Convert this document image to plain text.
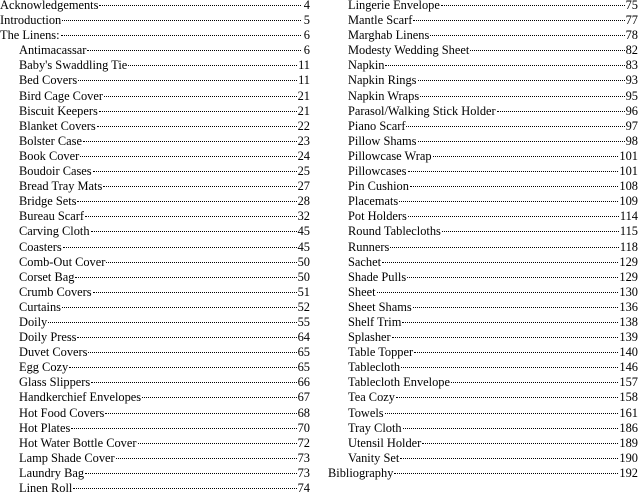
Acknowledgements	4
Introduction	5
The Linens:	6
Antimacassar	6
Baby's Swaddling Tie	11
Bed Covers	11
Bird Cage Cover	21
Biscuit Keepers	21
Blanket Covers	22
Bolster Case	23
Book Cover	24
Boudoir Cases	25
Bread Tray Mats	27
Bridge Sets	28
Bureau Scarf	32
Carving Cloth	45
Coasters	45
Comb-Out Cover	50
Corset Bag	50
Crumb Covers	51
Curtains	52
Doily	55
Doily Press	64
Duvet Covers	65
Egg Cozy	65
Glass Slippers	66
Handkerchief Envelopes	67
Hot Food Covers	68
Hot Plates	70
Hot Water Bottle Cover	72
Lamp Shade Cover	73
Laundry Bag	73
Linen Roll	74
Lingerie Envelope	75
Mantle Scarf	77
Marghab Linens	78
Modesty Wedding Sheet	82
Napkin	83
Napkin Rings	93
Napkin Wraps	95
Parasol/Walking Stick Holder	96
Piano Scarf	97
Pillow Shams	98
Pillowcase Wrap	101
Pillowcases	101
Pin Cushion	108
Placemats	109
Pot Holders	114
Round Tablecloths	115
Runners	118
Sachet	129
Shade Pulls	129
Sheet	130
Sheet Shams	136
Shelf Trim	138
Splasher	139
Table Topper	140
Tablecloth	146
Tablecloth Envelope	157
Tea Cozy	158
Towels	161
Tray Cloth	186
Utensil Holder	189
Vanity Set	190
Bibliography	192
